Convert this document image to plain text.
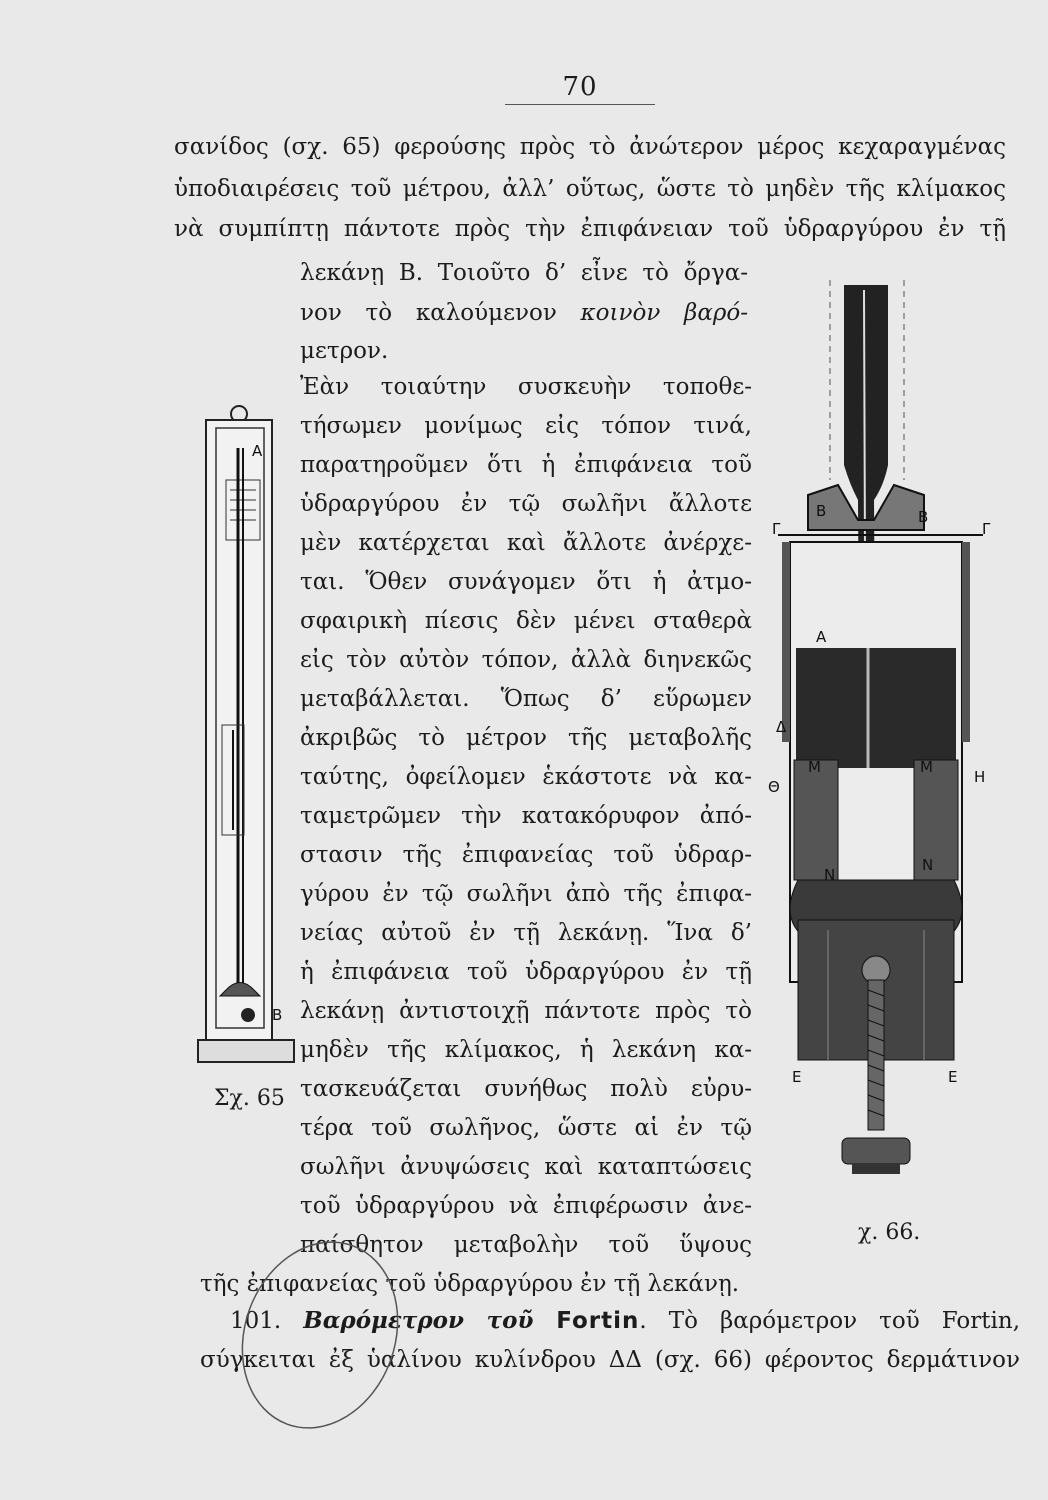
70
σανίδος (σχ. 65) φερούσης πρὸς τὸ ἀνώτερον μέρος κεχαραγμένας
ὑποδιαιρέσεις τοῦ μέτρου, ἀλλ’ οὕτως, ὥστε τὸ μηδὲν τῆς κλίμακος
νὰ συμπίπτῃ πάντοτε πρὸς τὴν ἐπιφάνειαν τοῦ ὑδραργύρου ἐν τῇ
λεκάνῃ Β. Τοιοῦτο δ’ εἶνε τὸ ὄργα-
νον τὸ καλούμενον κοινὸν βαρό-
μετρον.
Ἐὰν τοιαύτην συσκευὴν τοποθε-
τήσωμεν μονίμως εἰς τόπον τινά,
παρατηροῦμεν ὅτι ἡ ἐπιφάνεια τοῦ
ὑδραργύρου ἐν τῷ σωλῆνι ἄλλοτε
μὲν κατέρχεται καὶ ἄλλοτε ἀνέρχε-
ται. Ὅθεν συνάγομεν ὅτι ἡ ἀτμο-
σφαιρικὴ πίεσις δὲν μένει σταθερὰ
εἰς τὸν αὐτὸν τόπον, ἀλλὰ διηνεκῶς
μεταβάλλεται. Ὅπως δ’ εὕρωμεν
ἀκριβῶς τὸ μέτρον τῆς μεταβολῆς
ταύτης, ὀφείλομεν ἑκάστοτε νὰ κα-
ταμετρῶμεν τὴν κατακόρυφον ἀπό-
στασιν τῆς ἐπιφανείας τοῦ ὑδραρ-
γύρου ἐν τῷ σωλῆνι ἀπὸ τῆς ἐπιφα-
νείας αὐτοῦ ἐν τῇ λεκάνῃ. Ἵνα δ’
ἡ ἐπιφάνεια τοῦ ὑδραργύρου ἐν τῇ
λεκάνῃ ἀντιστοιχῇ πάντοτε πρὸς τὸ
μηδὲν τῆς κλίμακος, ἡ λεκάνη κα-
τασκευάζεται συνήθως πολὺ εὐρυ-
τέρα τοῦ σωλῆνος, ὥστε αἱ ἐν τῷ
σωλῆνι ἀνυψώσεις καὶ καταπτώσεις
τοῦ ὑδραργύρου νὰ ἐπιφέρωσιν ἀνε-
παίσθητον μεταβολὴν τοῦ ὕψους
τῆς ἐπιφανείας τοῦ ὑδραργύρου ἐν τῇ λεκάνῃ.
101. Βαρόμετρον τοῦ Fortin. Τὸ βαρόμετρον τοῦ Fortin,
σύγκειται ἐξ ὑαλίνου κυλίνδρου ΔΔ (σχ. 66) φέροντος δερμάτινον
A
B
Σχ. 65
B	B
Γ	Γ
A
Δ
M	M
N
N
Θ
H
E	E
χ. 66.
